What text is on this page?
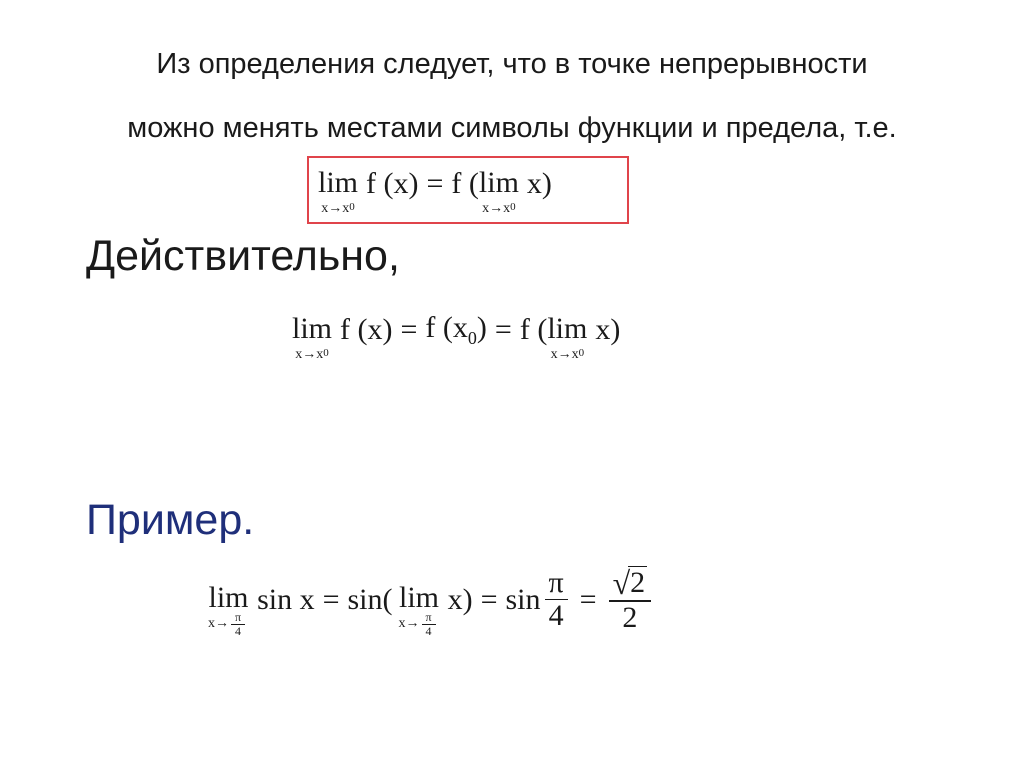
Из определения следует, что в точке непрерывности
можно менять местами символы функции и предела, т.е.
lim
x → x 0
f (x) = f ( lim
x → x 0
x)
Действительно,
lim
x → x 0
f (x) = f $(x_0) = f$ ( lim
x → x 0
x)
Пример.
lim
$x \to \frac{\pi}{4}$
sin x = sin( lim
$x \to \frac{\pi}{4}$
$x) = \sin \frac{\pi}{4} = \frac{√ 2}{2}$
